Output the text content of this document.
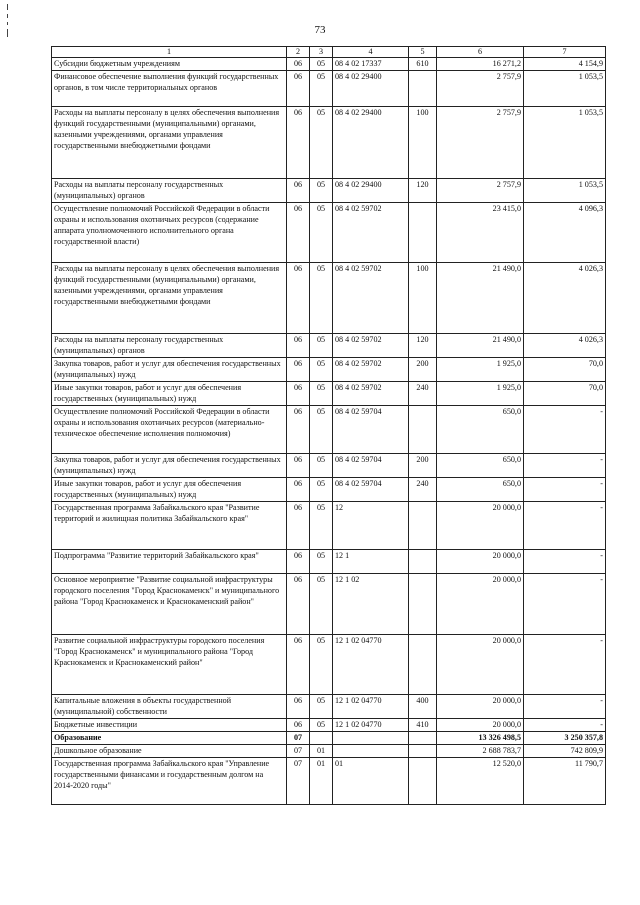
73
1	2	3	4	5	6	7
Субсидии бюджетным учреждениям	06	05	08 4 02 17337	610	16 271,2	4 154,9
Финансовое обеспечение выполнения функций государственных органов, в том числе территориальных органов	06	05	08 4 02 29400		2 757,9	1 053,5
Расходы на выплаты персоналу в целях обеспечения выполнения функций государственными (муниципальными) органами, казенными учреждениями, органами управления государственными внебюджетными фондами	06	05	08 4 02 29400	100	2 757,9	1 053,5
Расходы на выплаты персоналу государственных (муниципальных) органов	06	05	08 4 02 29400	120	2 757,9	1 053,5
Осуществление полномочий Российской Федерации в области охраны и использования охотничьих ресурсов (содержание аппарата уполномоченного исполнительного органа государственной власти)	06	05	08 4 02 59702		23 415,0	4 096,3
Расходы на выплаты персоналу в целях обеспечения выполнения функций государственными (муниципальными) органами, казенными учреждениями, органами управления государственными внебюджетными фондами	06	05	08 4 02 59702	100	21 490,0	4 026,3
Расходы на выплаты персоналу государственных (муниципальных) органов	06	05	08 4 02 59702	120	21 490,0	4 026,3
Закупка товаров, работ и услуг для обеспечения государственных (муниципальных) нужд	06	05	08 4 02 59702	200	1 925,0	70,0
Иные закупки товаров, работ и услуг для обеспечения государственных (муниципальных) нужд	06	05	08 4 02 59702	240	1 925,0	70,0
Осуществление полномочий Российской Федерации в области охраны и использования охотничьих ресурсов (материально-техническое обеспечение исполнения полномочия)	06	05	08 4 02 59704		650,0	-
Закупка товаров, работ и услуг для обеспечения государственных (муниципальных) нужд	06	05	08 4 02 59704	200	650,0	-
Иные закупки товаров, работ и услуг для обеспечения государственных (муниципальных) нужд	06	05	08 4 02 59704	240	650,0	-
Государственная программа Забайкальского края "Развитие территорий и жилищная политика Забайкальского края"	06	05	12		20 000,0	-
Подпрограмма "Развитие территорий Забайкальского края"	06	05	12 1		20 000,0	-
Основное мероприятие "Развитие социальной инфраструктуры городского поселения "Город Краснокаменск" и муниципального района "Город Краснокаменск и Краснокаменский район"	06	05	12 1 02		20 000,0	-
Развитие социальной инфраструктуры городского поселения "Город Краснокаменск" и муниципального района "Город Краснокаменск и Краснокаменский район"	06	05	12 1 02 04770		20 000,0	-
Капитальные вложения в объекты государственной (муниципальной) собственности	06	05	12 1 02 04770	400	20 000,0	-
Бюджетные инвестиции	06	05	12 1 02 04770	410	20 000,0	-
Образование	07				13 326 498,5	3 250 357,8
Дошкольное образование	07	01			2 688 783,7	742 809,9
Государственная программа Забайкальского края "Управление государственными финансами и государственным долгом на 2014-2020 годы"	07	01	01		12 520,0	11 790,7
